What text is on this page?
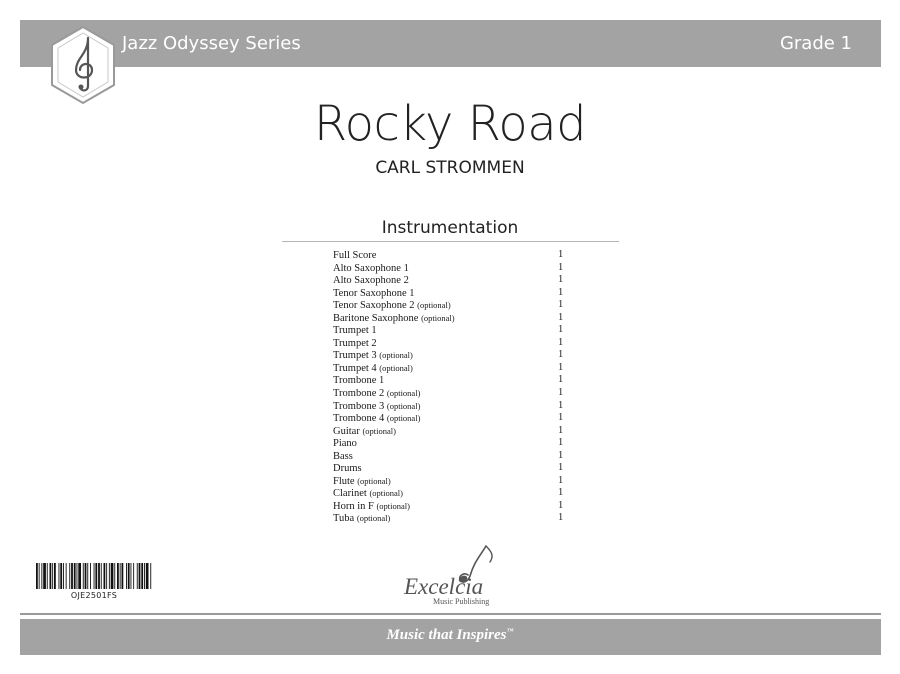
Jazz Odyssey Series	Grade 1
Rocky Road
CARL STROMMEN
Instrumentation
Full Score	1
Alto Saxophone 1	1
Alto Saxophone 2	1
Tenor Saxophone 1	1
Tenor Saxophone 2 (optional)	1
Baritone Saxophone (optional)	1
Trumpet 1	1
Trumpet 2	1
Trumpet 3 (optional)	1
Trumpet 4 (optional)	1
Trombone 1	1
Trombone 2 (optional)	1
Trombone 3 (optional)	1
Trombone 4 (optional)	1
Guitar (optional)	1
Piano	1
Bass	1
Drums	1
Flute (optional)	1
Clarinet (optional)	1
Horn in F (optional)	1
Tuba (optional)	1
OJE2501FS	Excelcia
Music Publishing
Music that Inspires™
